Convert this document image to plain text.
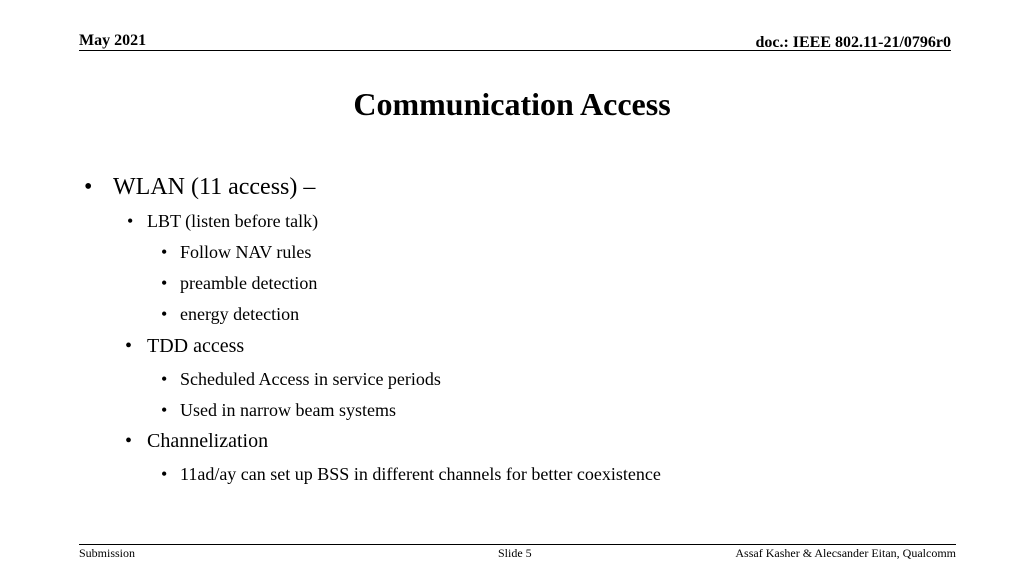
May 2021	doc.: IEEE 802.11-21/0796r0
Communication Access
• WLAN (11 access) –
• LBT (listen before talk)
• Follow NAV rules
• preamble detection
• energy detection
• TDD access
• Scheduled Access in service periods
• Used in narrow beam systems
• Channelization
• 11ad/ay can set up BSS in different channels for better coexistence
Submission	Slide 5	Assaf Kasher & Alecsander Eitan, Qualcomm
